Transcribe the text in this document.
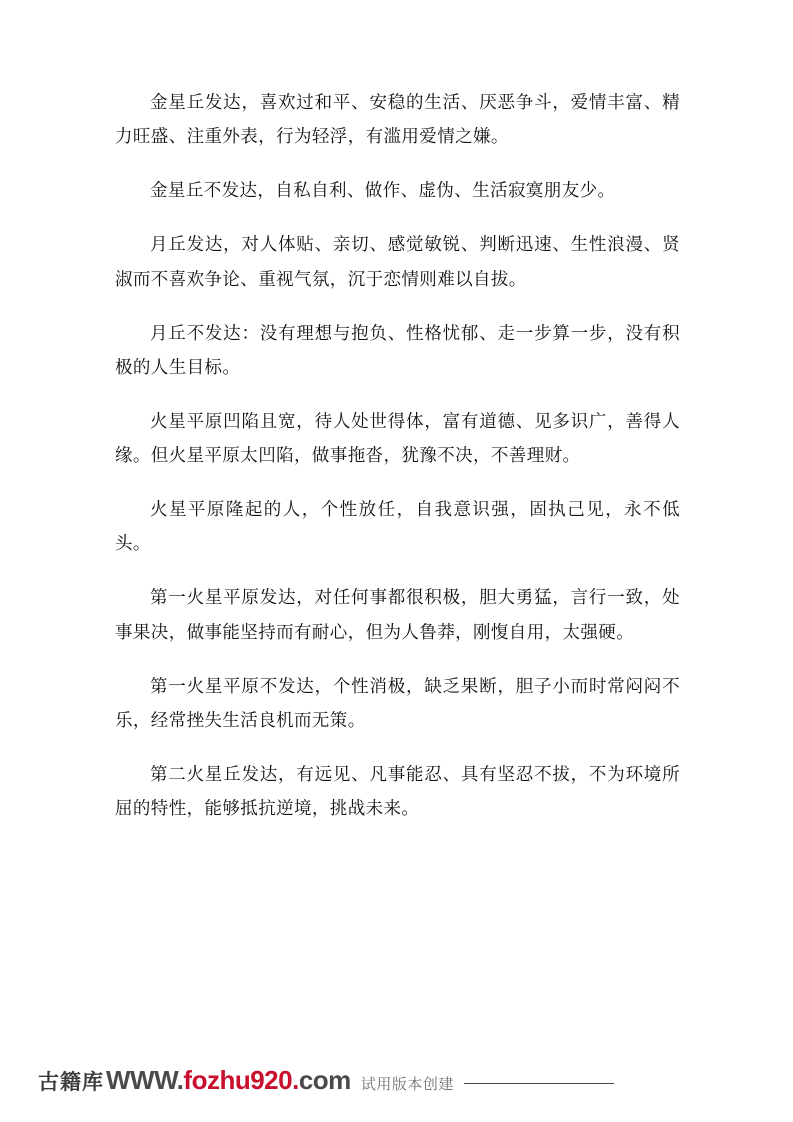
金星丘发达，喜欢过和平、安稳的生活、厌恶争斗，爱情丰富、精力旺盛、注重外表，行为轻浮，有滥用爱情之嫌。

金星丘不发达，自私自利、做作、虚伪、生活寂寞朋友少。

月丘发达，对人体贴、亲切、感觉敏锐、判断迅速、生性浪漫、贤淑而不喜欢争论、重视气氛，沉于恋情则难以自拔。

月丘不发达：没有理想与抱负、性格忧郁、走一步算一步，没有积极的人生目标。

火星平原凹陷且宽，待人处世得体，富有道德、见多识广，善得人缘。但火星平原太凹陷，做事拖沓，犹豫不决，不善理财。

火星平原隆起的人，个性放任，自我意识强，固执己见，永不低头。

第一火星平原发达，对任何事都很积极，胆大勇猛，言行一致，处事果决，做事能坚持而有耐心，但为人鲁莽，刚愎自用，太强硬。

第一火星平原不发达，个性消极，缺乏果断，胆子小而时常闷闷不乐，经常挫失生活良机而无策。

第二火星丘发达，有远见、凡事能忍、具有坚忍不拔，不为环境所屈的特性，能够抵抗逆境，挑战未来。

古籍库 WWW.fozhu920.com 试用版本创建
